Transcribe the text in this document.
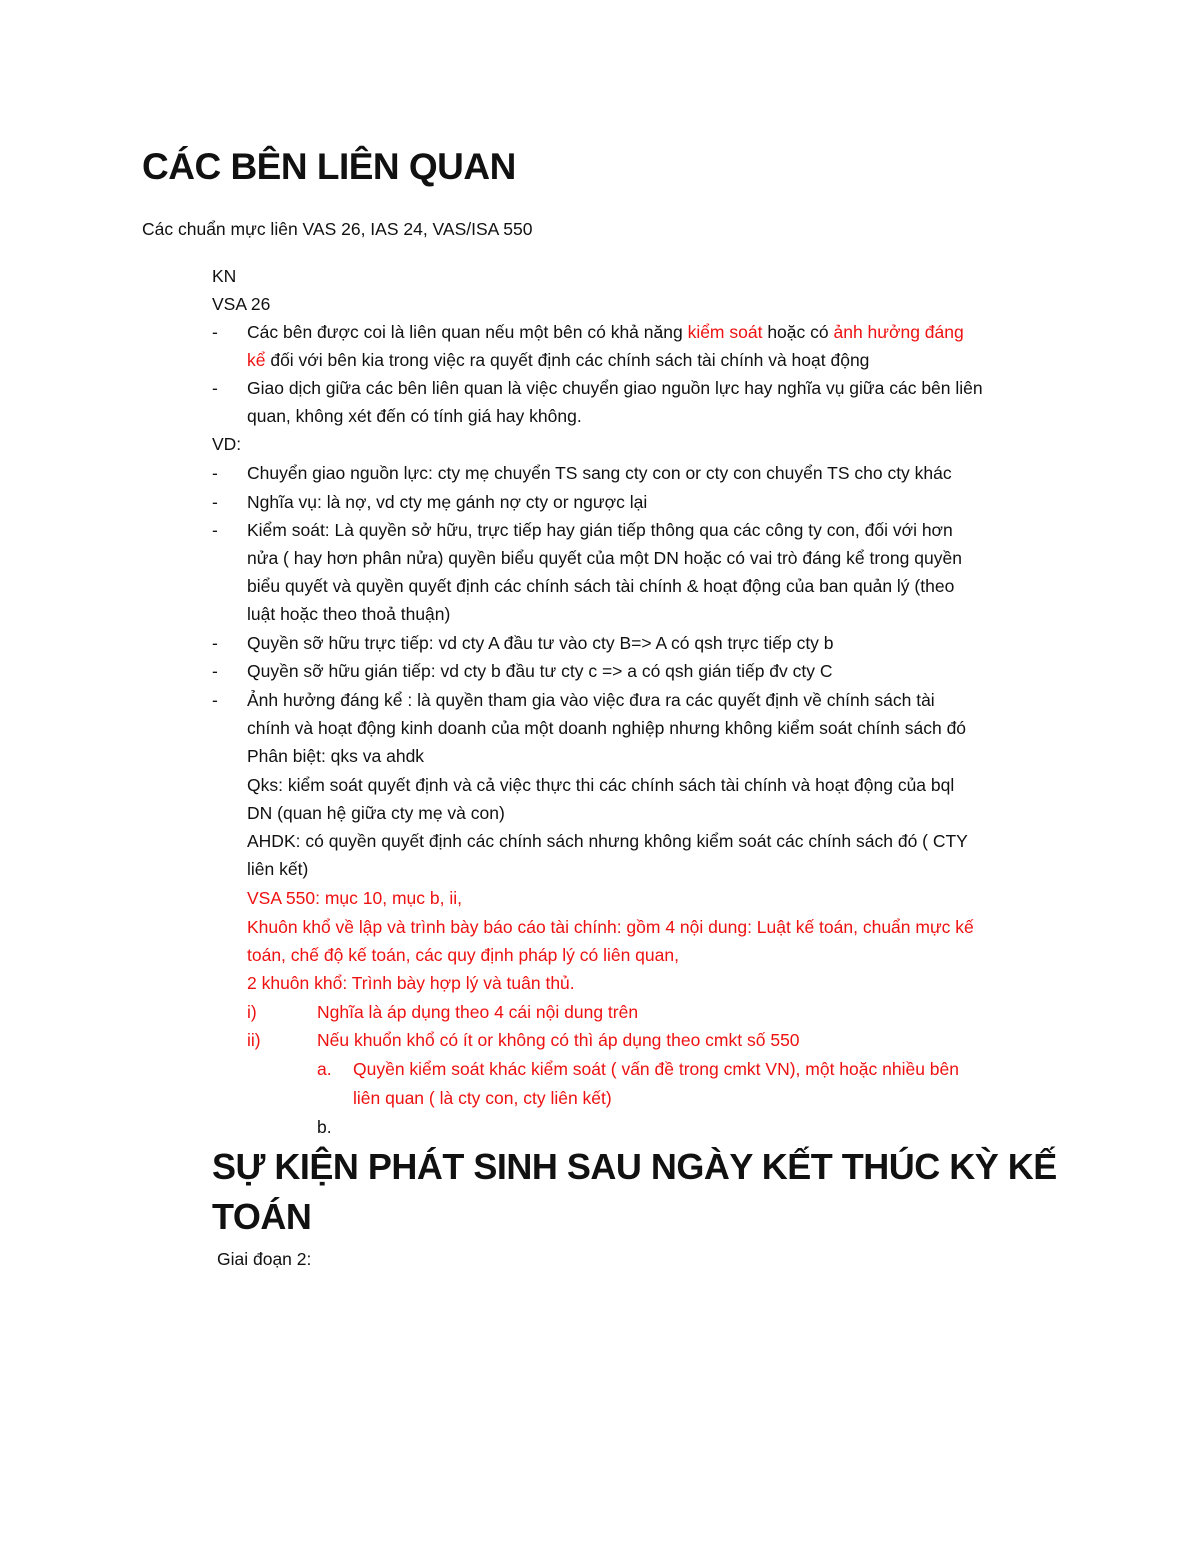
CÁC BÊN LIÊN QUAN
Các chuẩn mực liên VAS 26, IAS 24, VAS/ISA 550
KN
VSA 26
- Các bên được coi là liên quan nếu một bên có khả năng kiểm soát hoặc có ảnh hưởng đáng
kể đối với bên kia trong việc ra quyết định các chính sách tài chính và hoạt động
- Giao dịch giữa các bên liên quan là việc chuyển giao nguồn lực hay nghĩa vụ giữa các bên liên
quan, không xét đến có tính giá hay không.
VD:
- Chuyển giao nguồn lực: cty mẹ chuyển TS sang cty con or cty con chuyển TS cho cty khác
- Nghĩa vụ: là nợ, vd cty mẹ gánh nợ cty or ngược lại
- Kiểm soát: Là quyền sở hữu, trực tiếp hay gián tiếp thông qua các công ty con, đối với hơn
nửa ( hay hơn phân nửa) quyền biểu quyết của một DN hoặc có vai trò đáng kể trong quyền
biểu quyết và quyền quyết định các chính sách tài chính & hoạt động của ban quản lý (theo
luật hoặc theo thoả thuận)
- Quyền sỡ hữu trực tiếp: vd cty A đầu tư vào cty B=> A có qsh trực tiếp cty b
- Quyền sỡ hữu gián tiếp: vd cty b đầu tư cty c => a có qsh gián tiếp đv cty C
- Ảnh hưởng đáng kể : là quyền tham gia vào việc đưa ra các quyết định về chính sách tài
chính và hoạt động kinh doanh của một doanh nghiệp nhưng không kiểm soát chính sách đó
Phân biệt: qks va ahdk
Qks: kiểm soát quyết định và cả việc thực thi các chính sách tài chính và hoạt động của bql
DN (quan hệ giữa cty mẹ và con)
AHDK: có quyền quyết định các chính sách nhưng không kiểm soát các chính sách đó ( CTY
liên kết)
VSA 550: mục 10, mục b, ii,
Khuôn khổ về lập và trình bày báo cáo tài chính: gồm 4 nội dung: Luật kế toán, chuẩn mực kế
toán, chế độ kế toán, các quy định pháp lý có liên quan,
2 khuôn khổ: Trình bày hợp lý và tuân thủ.
i)	Nghĩa là áp dụng theo 4 cái nội dung trên
ii)	Nếu khuổn khổ có ít or không có thì áp dụng theo cmkt số 550
a. Quyền kiểm soát khác kiểm soát ( vấn đề trong cmkt VN), một hoặc nhiều bên
liên quan ( là cty con, cty liên kết)
b.
SỰ KIỆN PHÁT SINH SAU NGÀY KẾT THÚC KỲ KẾ TOÁN
Giai đoạn 2:
